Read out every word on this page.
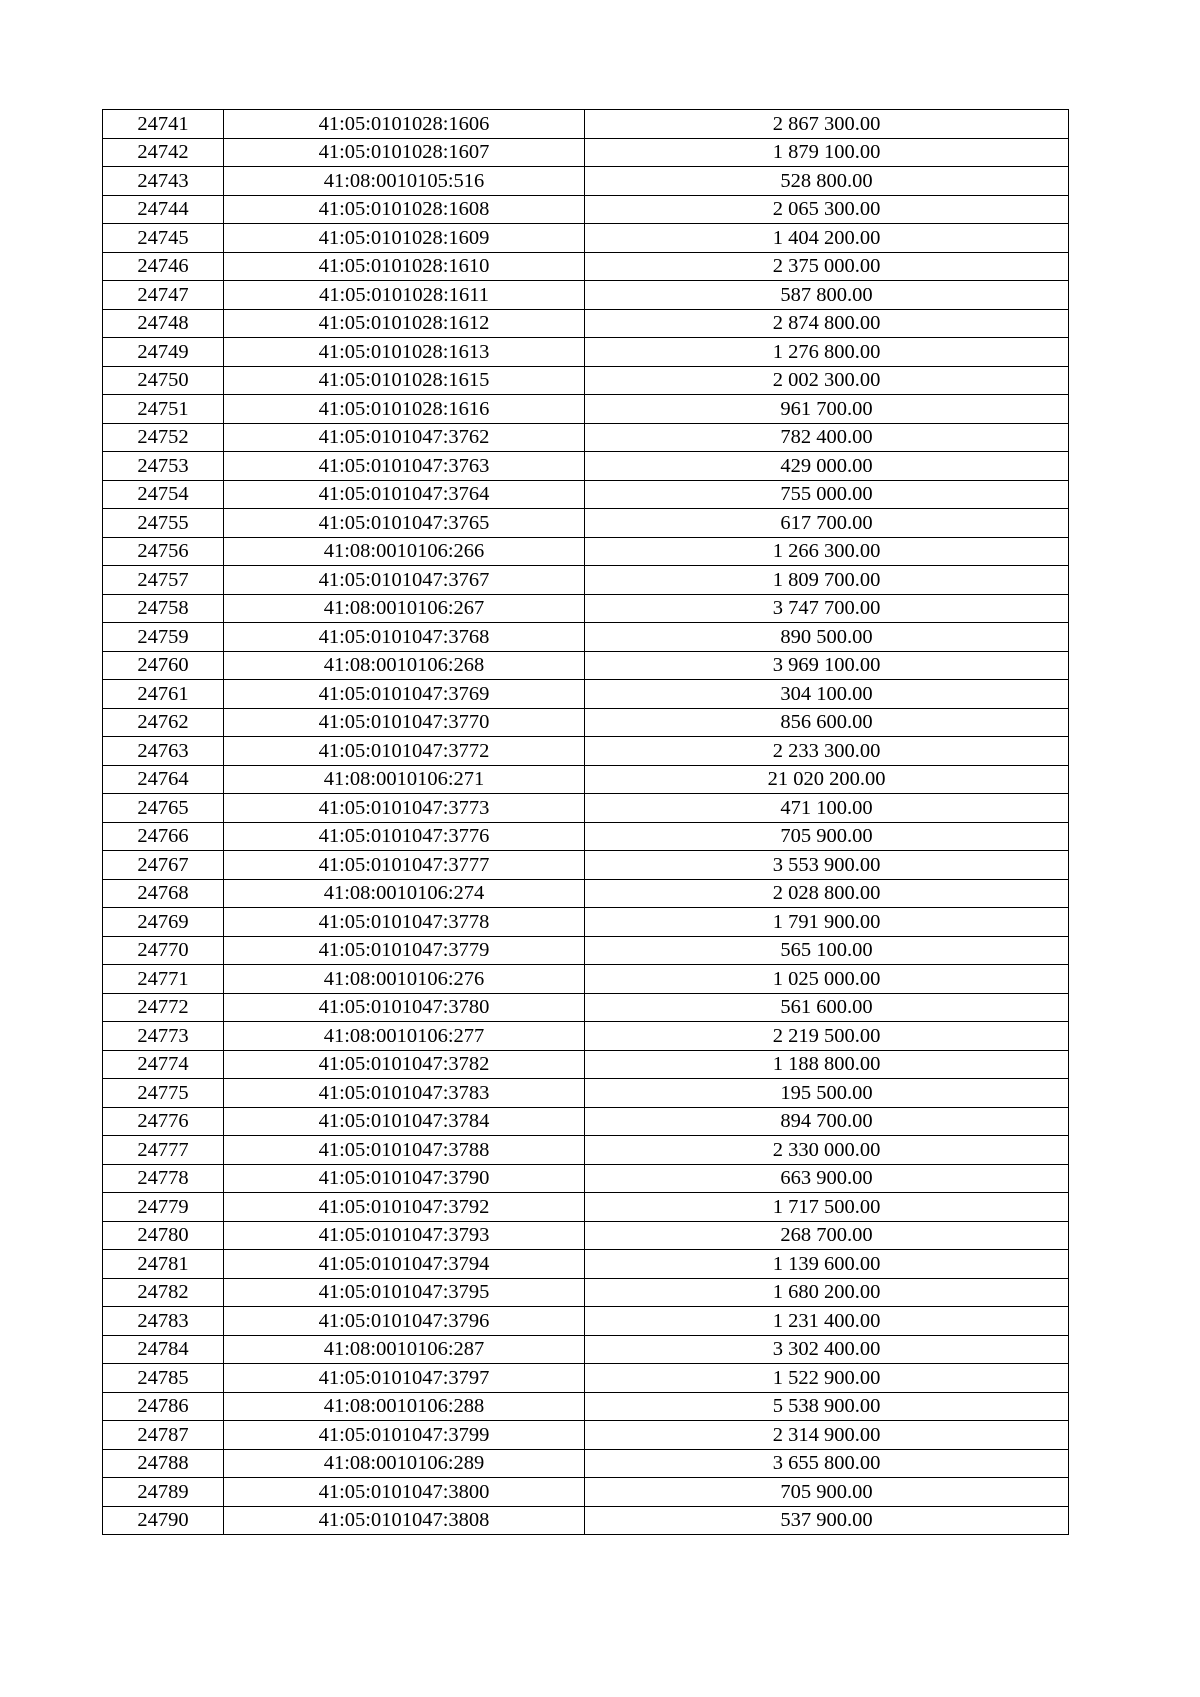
24741	41:05:0101028:1606	2 867 300.00
24742	41:05:0101028:1607	1 879 100.00
24743	41:08:0010105:516	528 800.00
24744	41:05:0101028:1608	2 065 300.00
24745	41:05:0101028:1609	1 404 200.00
24746	41:05:0101028:1610	2 375 000.00
24747	41:05:0101028:1611	587 800.00
24748	41:05:0101028:1612	2 874 800.00
24749	41:05:0101028:1613	1 276 800.00
24750	41:05:0101028:1615	2 002 300.00
24751	41:05:0101028:1616	961 700.00
24752	41:05:0101047:3762	782 400.00
24753	41:05:0101047:3763	429 000.00
24754	41:05:0101047:3764	755 000.00
24755	41:05:0101047:3765	617 700.00
24756	41:08:0010106:266	1 266 300.00
24757	41:05:0101047:3767	1 809 700.00
24758	41:08:0010106:267	3 747 700.00
24759	41:05:0101047:3768	890 500.00
24760	41:08:0010106:268	3 969 100.00
24761	41:05:0101047:3769	304 100.00
24762	41:05:0101047:3770	856 600.00
24763	41:05:0101047:3772	2 233 300.00
24764	41:08:0010106:271	21 020 200.00
24765	41:05:0101047:3773	471 100.00
24766	41:05:0101047:3776	705 900.00
24767	41:05:0101047:3777	3 553 900.00
24768	41:08:0010106:274	2 028 800.00
24769	41:05:0101047:3778	1 791 900.00
24770	41:05:0101047:3779	565 100.00
24771	41:08:0010106:276	1 025 000.00
24772	41:05:0101047:3780	561 600.00
24773	41:08:0010106:277	2 219 500.00
24774	41:05:0101047:3782	1 188 800.00
24775	41:05:0101047:3783	195 500.00
24776	41:05:0101047:3784	894 700.00
24777	41:05:0101047:3788	2 330 000.00
24778	41:05:0101047:3790	663 900.00
24779	41:05:0101047:3792	1 717 500.00
24780	41:05:0101047:3793	268 700.00
24781	41:05:0101047:3794	1 139 600.00
24782	41:05:0101047:3795	1 680 200.00
24783	41:05:0101047:3796	1 231 400.00
24784	41:08:0010106:287	3 302 400.00
24785	41:05:0101047:3797	1 522 900.00
24786	41:08:0010106:288	5 538 900.00
24787	41:05:0101047:3799	2 314 900.00
24788	41:08:0010106:289	3 655 800.00
24789	41:05:0101047:3800	705 900.00
24790	41:05:0101047:3808	537 900.00
